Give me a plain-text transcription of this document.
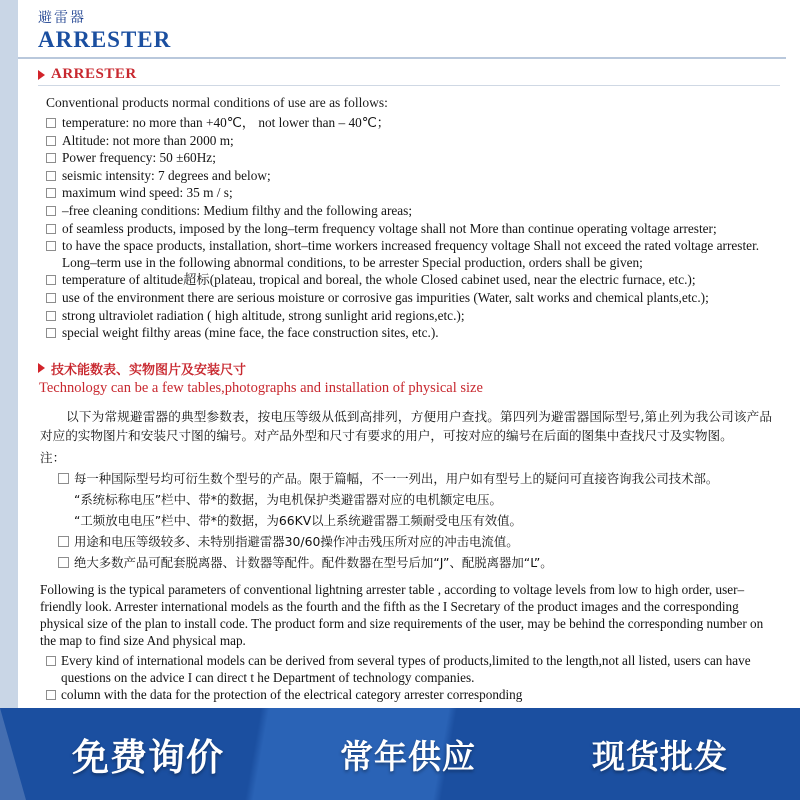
避雷器
ARRESTER
ARRESTER
Conventional products normal conditions of use are as follows:
temperature: no more than +40℃， not lower than – 40℃；
Altitude: not more than 2000 m;
Power frequency: 50 ±60Hz;
seismic intensity: 7 degrees and below;
maximum wind speed: 35 m / s;
–free cleaning conditions: Medium filthy and the following areas;
of seamless products, imposed by the long–term frequency voltage shall not More than continue operating voltage arrester;
to have the space products, installation, short–time workers increased frequency voltage Shall not exceed the rated voltage arrester. Long–term use in the following abnormal conditions, to be arrester Special production, orders shall be given;
temperature of altitude超标(plateau, tropical and boreal, the whole Closed cabinet used, near the electric furnace, etc.);
use of the environment there are serious moisture or corrosive gas impurities (Water, salt works and chemical plants,etc.);
strong ultraviolet radiation ( high altitude, strong sunlight arid regions,etc.);
special weight filthy areas (mine face, the face construction sites, etc.).
技术能数表、实物图片及安装尺寸
Technology can be a few tables,photographs and installation of physical size
以下为常规避雷器的典型参数表，按电压等级从低到高排列，方便用户查找。第四列为避雷器国际型号,第止列为我公司该产品对应的实物图片和安装尺寸图的编号。对产品外型和尺寸有要求的用户，可按对应的编号在后面的图集中查找尺寸及实物图。
注：
每一种国际型号均可衍生数个型号的产品。限于篇幅，不一一列出，用户如有型号上的疑问可直接咨询我公司技术部。
“系统标称电压”栏中、带*的数据，为电机保护类避雷器对应的电机额定电压。
“工频放电电压”栏中、带*的数据，为66KV以上系统避雷器工频耐受电压有效值。
用途和电压等级较多、未特别指避雷器30/60操作冲击残压所对应的冲击电流值。
绝大多数产品可配套脱离器、计数器等配件。配件数器在型号后加“J”、配脱离器加“L”。
Following is the typical parameters of conventional lightning arrester table , according to voltage levels from low to high order, user–friendly look. Arrester international models as the fourth and the fifth as the I Secretary of the product images and the corresponding physical size of the plan to install code. The product form and size requirements of the user, may be behind the corresponding number on the map to find size And physical map.
Every kind of international models can be derived from several types of products,limited to the length,not all listed, users can have questions on the advice I can direct t he Department of technology companies.
column with the data for the protection of the electrical category arrester corresponding
免费询价	常年供应	现货批发
